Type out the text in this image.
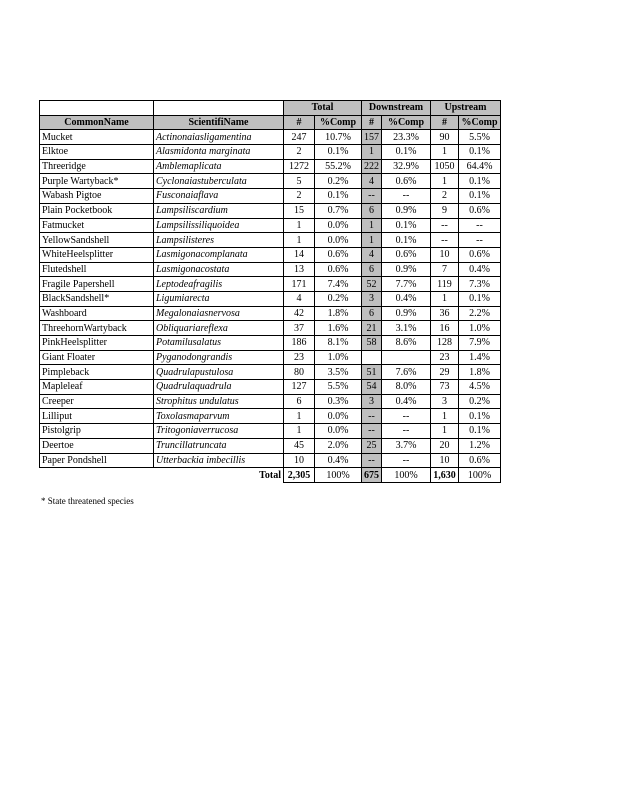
		Total		Downstream		Upstream	
CommonName	ScientifiName	#	%Comp	#	%Comp	#	%Comp
Mucket	Actinonaiasligamentina	247	10.7%	157	23.3%	90	5.5%
Elktoe	Alasmidonta marginata	2	0.1%	1	0.1%	1	0.1%
Threeridge	Amblemaplicata	1272	55.2%	222	32.9%	1050	64.4%
Purple Wartyback*	Cyclonaiastuberculata	5	0.2%	4	0.6%	1	0.1%
Wabash Pigtoe	Fusconaiaflava	2	0.1%	--	--	2	0.1%
Plain Pocketbook	Lampsiliscardium	15	0.7%	6	0.9%	9	0.6%
Fatmucket	Lampsilissiliquoidea	1	0.0%	1	0.1%	--	--
YellowSandshell	Lampsilisteres	1	0.0%	1	0.1%	--	--
WhiteHeelsplitter	Lasmigonacomplanata	14	0.6%	4	0.6%	10	0.6%
Flutedshell	Lasmigonacostata	13	0.6%	6	0.9%	7	0.4%
Fragile Papershell	Leptodeafragilis	171	7.4%	52	7.7%	119	7.3%
BlackSandshell*	Ligumiarecta	4	0.2%	3	0.4%	1	0.1%
Washboard	Megalonaiasnervosa	42	1.8%	6	0.9%	36	2.2%
ThreehornWartyback	Obliquariareflexa	37	1.6%	21	3.1%	16	1.0%
PinkHeelsplitter	Potamilusalatus	186	8.1%	58	8.6%	128	7.9%
Giant Floater	Pyganodongrandis	23	1.0%			23	1.4%
Pimpleback	Quadrulapustulosa	80	3.5%	51	7.6%	29	1.8%
Mapleleaf	Quadrulaquadrula	127	5.5%	54	8.0%	73	4.5%
Creeper	Strophitus undulatus	6	0.3%	3	0.4%	3	0.2%
Lilliput	Toxolasmaparvum	1	0.0%	--	--	1	0.1%
Pistolgrip	Tritogoniaverrucosa	1	0.0%	--	--	1	0.1%
Deertoe	Truncillatruncata	45	2.0%	25	3.7%	20	1.2%
Paper Pondshell	Utterbackia imbecillis	10	0.4%	--	--	10	0.6%
Total		2,305	100%	675	100%	1,630	100%
* State threatened species
